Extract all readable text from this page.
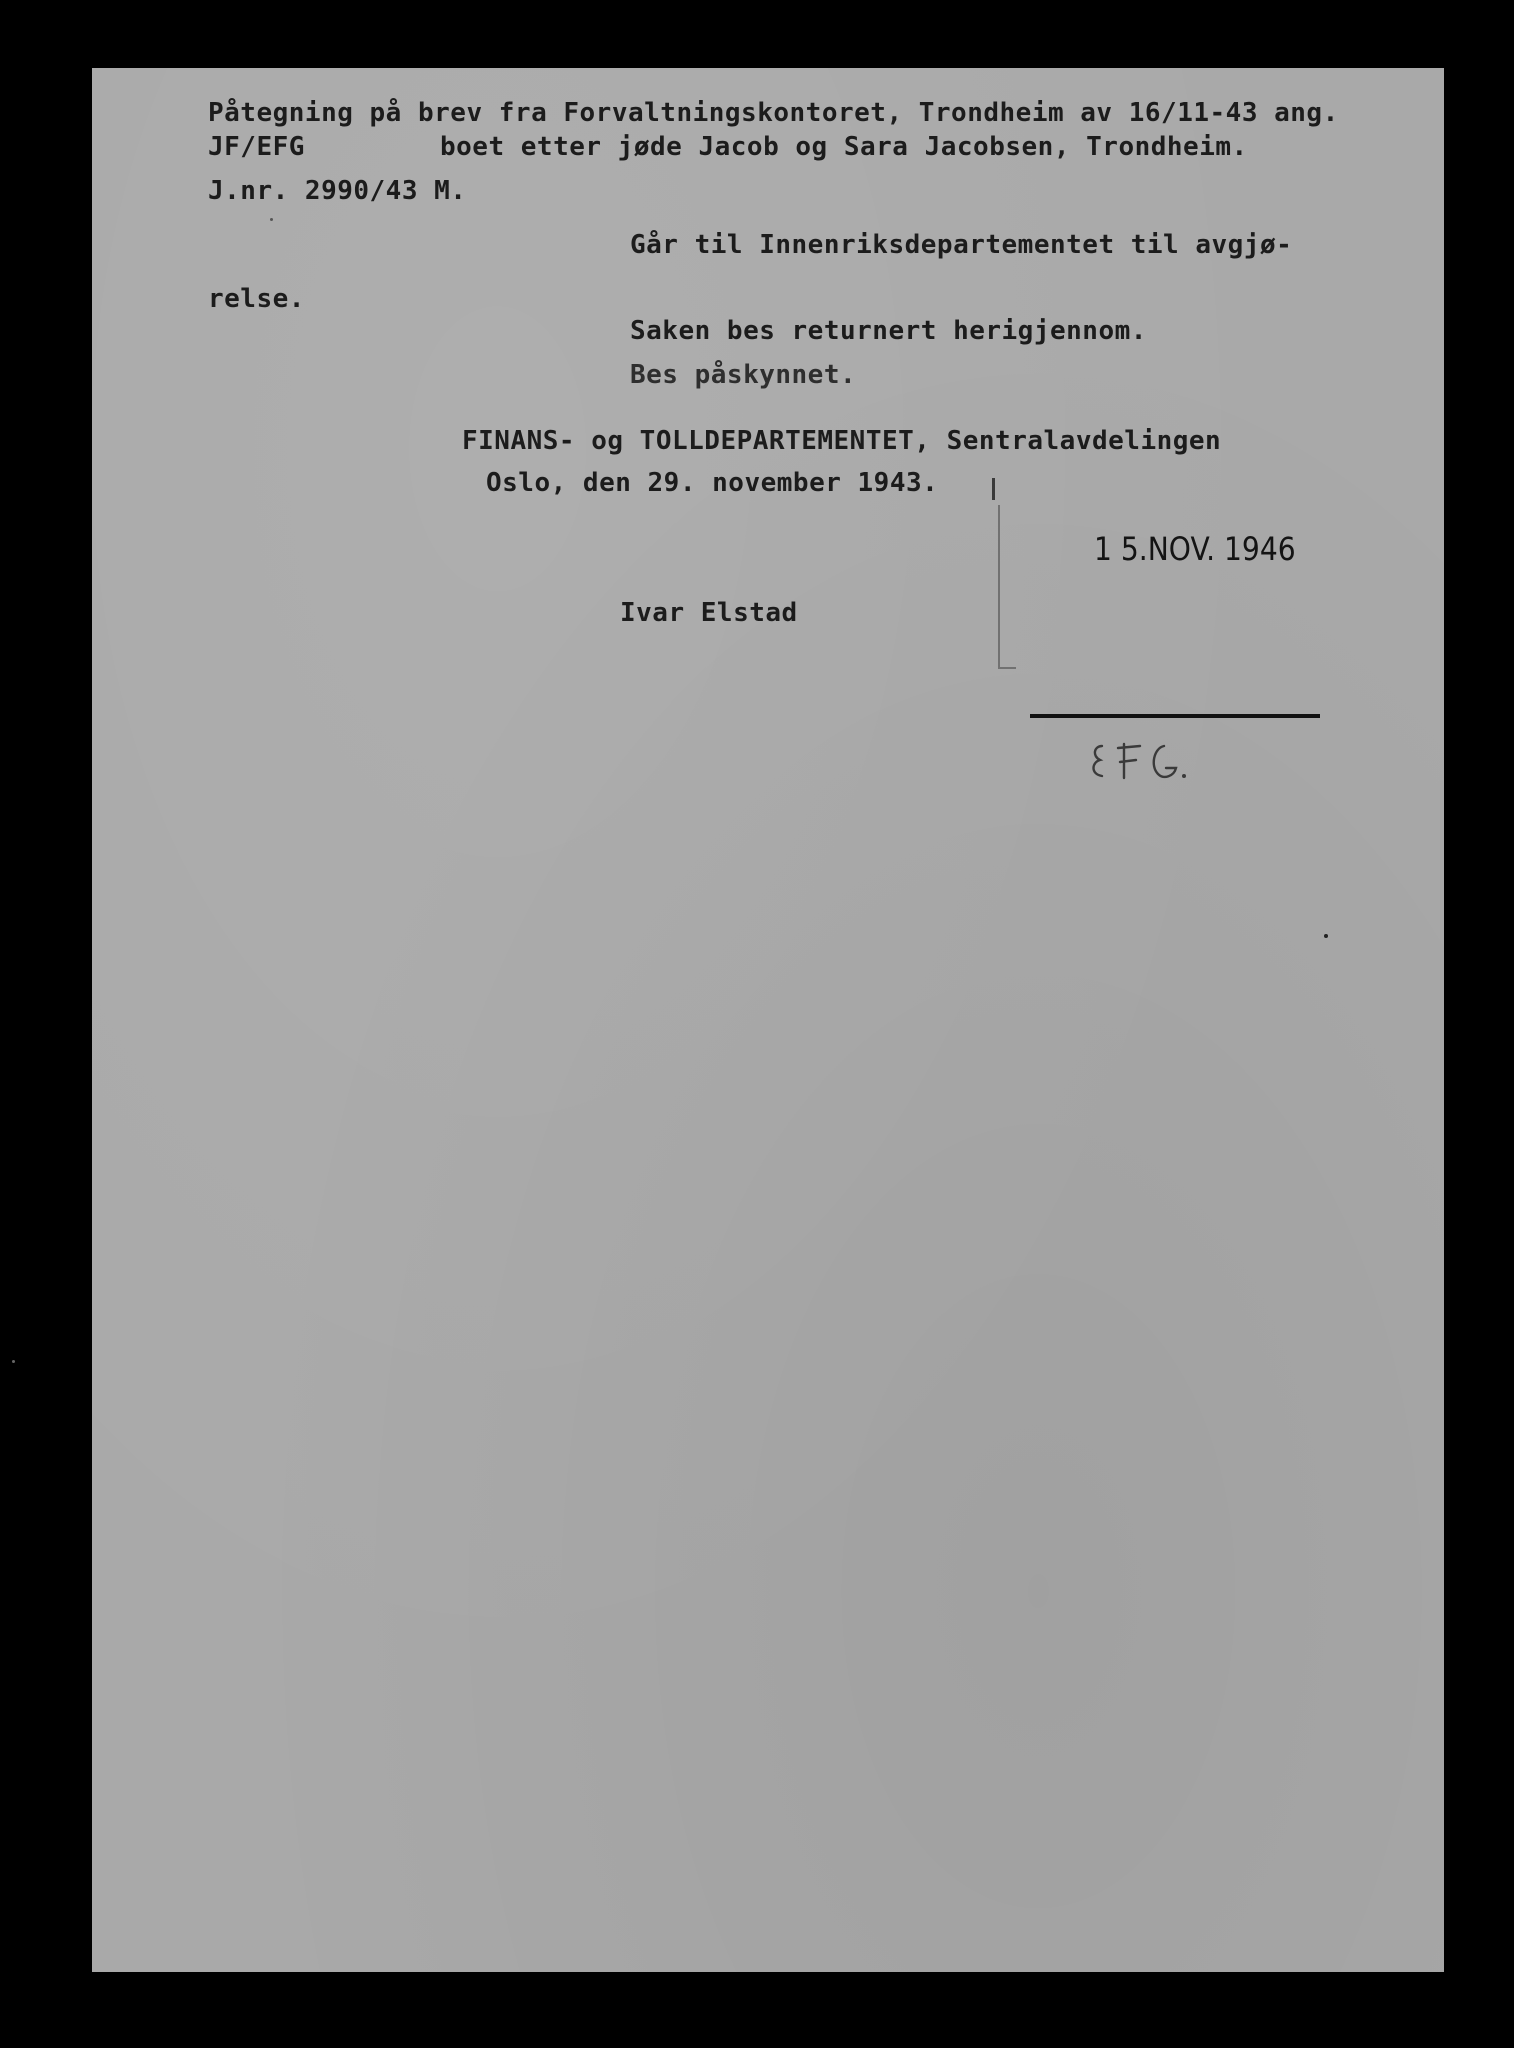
Påtegning på brev fra Forvaltningskontoret, Trondheim av 16/11-43 ang.
JF/EFG	boet etter jøde Jacob og Sara Jacobsen, Trondheim.
J.nr. 2990/43 M.
Går til Innenriksdepartementet til avgjø-
relse.
Saken bes returnert herigjennom.
Bes påskynnet.
FINANS- og TOLLDEPARTEMENTET, Sentralavdelingen
Oslo, den 29. november 1943.
1 5.NOV. 1946
Ivar Elstad
